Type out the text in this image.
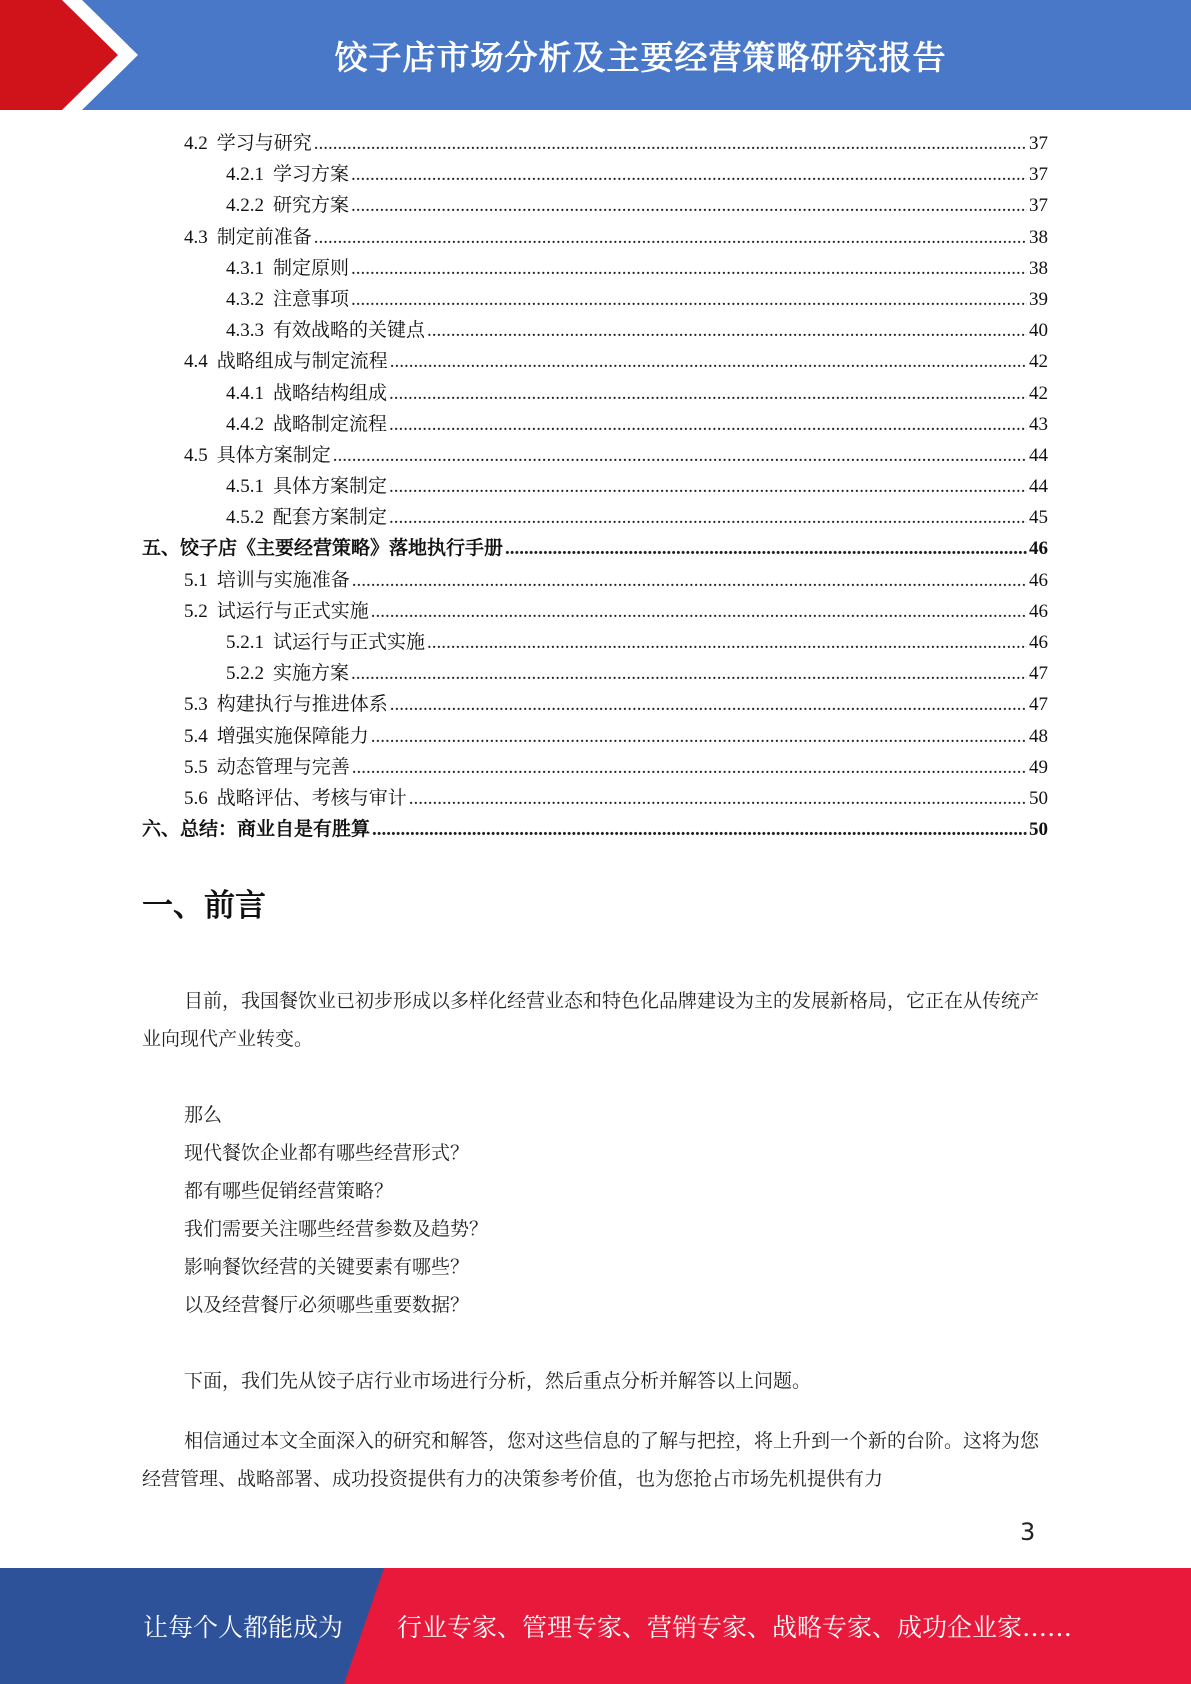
饺子店市场分析及主要经营策略研究报告
4.2 学习与研究 .....	37
4.2.1 学习方案 .....	37
4.2.2 研究方案 .....	37
4.3 制定前准备 .....	38
4.3.1 制定原则 .....	38
4.3.2 注意事项 .....	39
4.3.3 有效战略的关键点 .....	40
4.4 战略组成与制定流程 .....	42
4.4.1 战略结构组成 .....	42
4.4.2 战略制定流程 .....	43
4.5 具体方案制定 .....	44
4.5.1 具体方案制定 .....	44
4.5.2 配套方案制定 .....	45
五、饺子店《主要经营策略》落地执行手册 .....	46
5.1 培训与实施准备 .....	46
5.2 试运行与正式实施 .....	46
5.2.1 试运行与正式实施 .....	46
5.2.2 实施方案 .....	47
5.3 构建执行与推进体系 .....	47
5.4 增强实施保障能力 .....	48
5.5 动态管理与完善 .....	49
5.6 战略评估、考核与审计 .....	50
六、总结：商业自是有胜算 .....	50
一、前言

目前，我国餐饮业已初步形成以多样化经营业态和特色化品牌建设为主的发展新格局，它正在从传统产业向现代产业转变。

那么
现代餐饮企业都有哪些经营形式？
都有哪些促销经营策略？
我们需要关注哪些经营参数及趋势？
影响餐饮经营的关键要素有哪些？
以及经营餐厅必须哪些重要数据？

下面，我们先从饺子店行业市场进行分析，然后重点分析并解答以上问题。

相信通过本文全面深入的研究和解答，您对这些信息的了解与把控，将上升到一个新的台阶。这将为您经营管理、战略部署、成功投资提供有力的决策参考价值，也为您抢占市场先机提供有力

3
让每个人都能成为 行业专家、管理专家、营销专家、战略专家、成功企业家……
